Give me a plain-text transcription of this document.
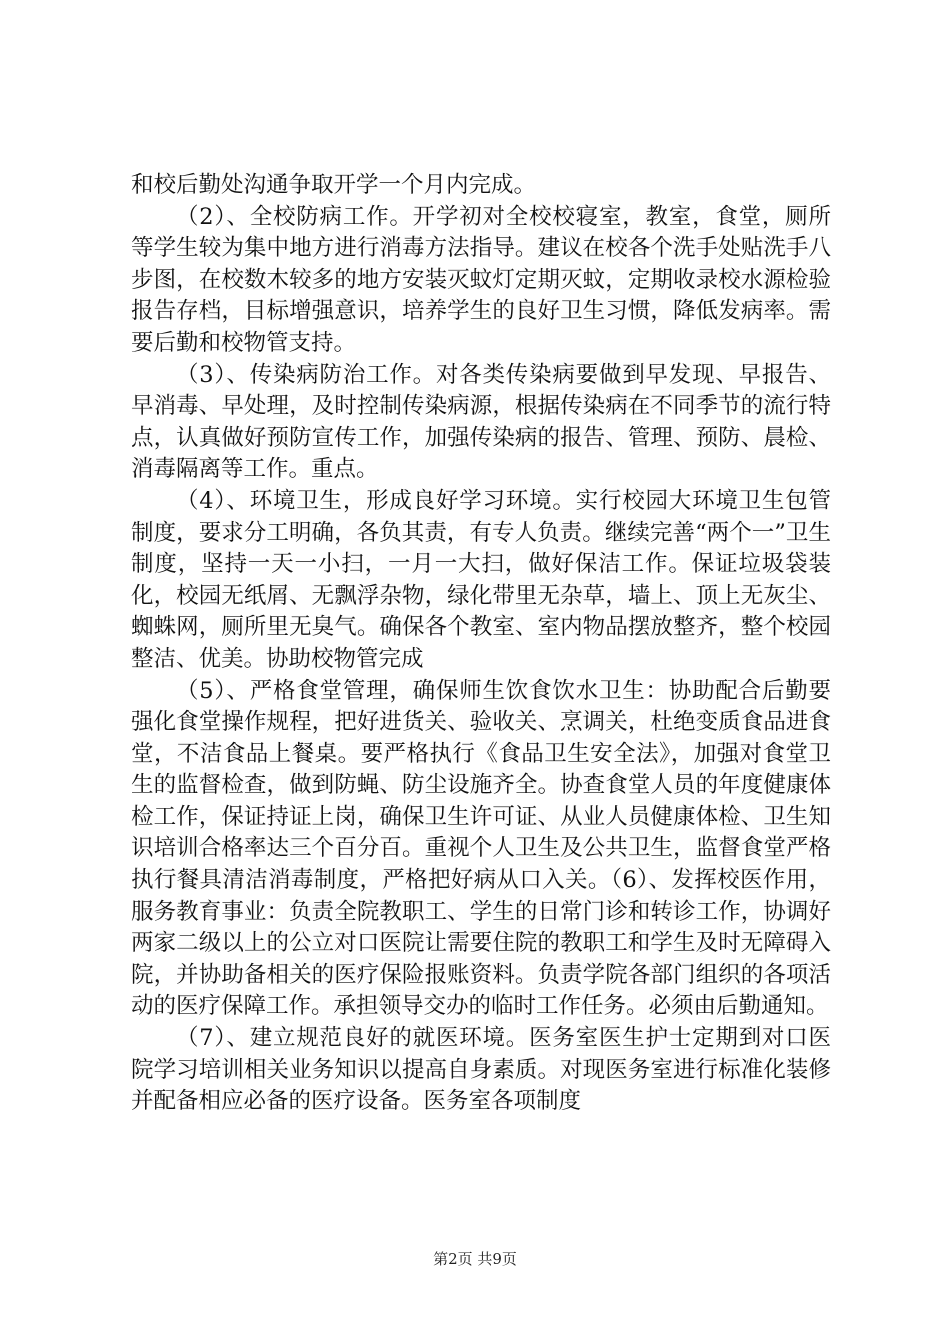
和校后勤处沟通争取开学一个月内完成。

（2）、全校防病工作。开学初对全校校寝室，教室，食堂，厕所等学生较为集中地方进行消毒方法指导。建议在校各个洗手处贴洗手八步图，在校数木较多的地方安装灭蚊灯定期灭蚊，定期收录校水源检验报告存档，目标增强意识，培养学生的良好卫生习惯，降低发病率。需要后勤和校物管支持。

（3）、传染病防治工作。对各类传染病要做到早发现、早报告、早消毒、早处理，及时控制传染病源，根据传染病在不同季节的流行特点，认真做好预防宣传工作，加强传染病的报告、管理、预防、晨检、消毒隔离等工作。重点。

（4）、环境卫生，形成良好学习环境。实行校园大环境卫生包管制度，要求分工明确，各负其责，有专人负责。继续完善“两个一”卫生制度，坚持一天一小扫，一月一大扫，做好保洁工作。保证垃圾袋装化，校园无纸屑、无飘浮杂物，绿化带里无杂草，墙上、顶上无灰尘、蜘蛛网，厕所里无臭气。确保各个教室、室内物品摆放整齐，整个校园整洁、优美。协助校物管完成

（5）、严格食堂管理，确保师生饮食饮水卫生：协助配合后勤要强化食堂操作规程，把好进货关、验收关、烹调关，杜绝变质食品进食堂，不洁食品上餐桌。要严格执行《食品卫生安全法》，加强对食堂卫生的监督检查，做到防蝇、防尘设施齐全。协查食堂人员的年度健康体检工作，保证持证上岗，确保卫生许可证、从业人员健康体检、卫生知识培训合格率达三个百分百。重视个人卫生及公共卫生，监督食堂严格执行餐具清洁消毒制度，严格把好病从口入关。（6）、发挥校医作用，服务教育事业：负责全院教职工、学生的日常门诊和转诊工作，协调好两家二级以上的公立对口医院让需要住院的教职工和学生及时无障碍入院，并协助备相关的医疗保险报账资料。负责学院各部门组织的各项活动的医疗保障工作。承担领导交办的临时工作任务。必须由后勤通知。

（7）、建立规范良好的就医环境。医务室医生护士定期到对口医院学习培训相关业务知识以提高自身素质。对现医务室进行标准化装修并配备相应必备的医疗设备。医务室各项制度

第2页 共9页
